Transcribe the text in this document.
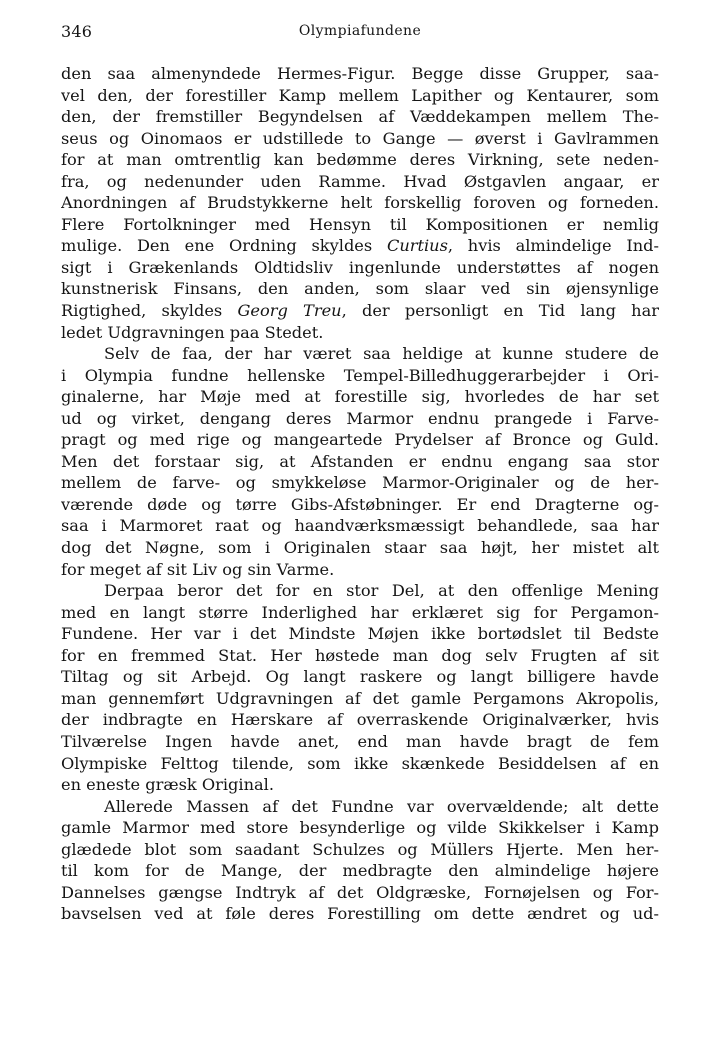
346	Olympiafundene
den saa almenyndede Hermes-Figur. Begge disse Grupper, saa-
vel den, der forestiller Kamp mellem Lapither og Kentaurer, som
den, der fremstiller Begyndelsen af Væddekampen mellem The-
seus og Oinomaos er udstillede to Gange — øverst i Gavlrammen
for at man omtrentlig kan bedømme deres Virkning, sete neden-
fra, og nedenunder uden Ramme. Hvad Østgavlen angaar, er
Anordningen af Brudstykkerne helt forskellig foroven og forneden.
Flere Fortolkninger med Hensyn til Kompositionen er nemlig
mulige. Den ene Ordning skyldes Curtius, hvis almindelige Ind-
sigt i Grækenlands Oldtidsliv ingenlunde understøttes af nogen
kunstnerisk Finsans, den anden, som slaar ved sin øjensynlige
Rigtighed, skyldes Georg Treu, der personligt en Tid lang har
ledet Udgravningen paa Stedet.
Selv de faa, der har været saa heldige at kunne studere de
i Olympia fundne hellenske Tempel-Billedhuggerarbejder i Ori-
ginalerne, har Møje med at forestille sig, hvorledes de har set
ud og virket, dengang deres Marmor endnu prangede i Farve-
pragt og med rige og mangeartede Prydelser af Bronce og Guld.
Men det forstaar sig, at Afstanden er endnu engang saa stor
mellem de farve- og smykkeløse Marmor-Originaler og de her-
værende døde og tørre Gibs-Afstøbninger. Er end Dragterne og-
saa i Marmoret raat og haandværksmæssigt behandlede, saa har
dog det Nøgne, som i Originalen staar saa højt, her mistet alt
for meget af sit Liv og sin Varme.
Derpaa beror det for en stor Del, at den offenlige Mening
med en langt større Inderlighed har erklæret sig for Pergamon-
Fundene. Her var i det Mindste Møjen ikke bortødslet til Bedste
for en fremmed Stat. Her høstede man dog selv Frugten af sit
Tiltag og sit Arbejd. Og langt raskere og langt billigere havde
man gennemført Udgravningen af det gamle Pergamons Akropolis,
der indbragte en Hærskare af overraskende Originalværker, hvis
Tilværelse Ingen havde anet, end man havde bragt de fem
Olympiske Felttog tilende, som ikke skænkede Besiddelsen af en
en eneste græsk Original.
Allerede Massen af det Fundne var overvældende; alt dette
gamle Marmor med store besynderlige og vilde Skikkelser i Kamp
glædede blot som saadant Schulzes og Müllers Hjerte. Men her-
til kom for de Mange, der medbragte den almindelige højere
Dannelses gængse Indtryk af det Oldgræske, Fornøjelsen og For-
bavselsen ved at føle deres Forestilling om dette ændret og ud-
